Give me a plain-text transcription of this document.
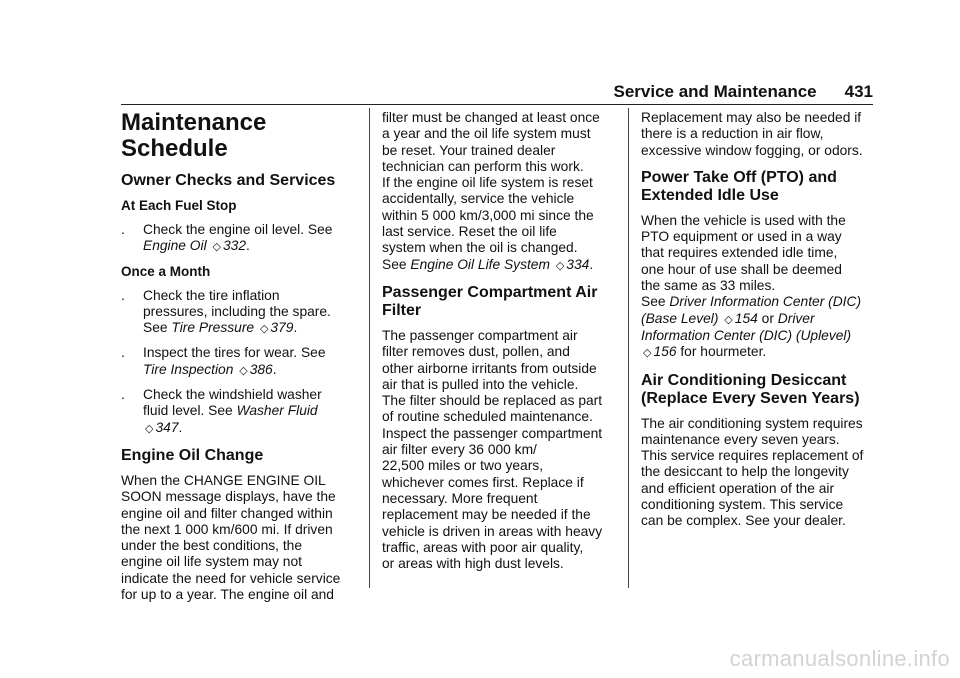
Service and Maintenance 431
Maintenance
Schedule
Owner Checks and Services
At Each Fuel Stop
.	Check the engine oil level. See
Engine Oil ◇ 332.
Once a Month
.	Check the tire inflation
pressures, including the spare.
See Tire Pressure ◇ 379.
.	Inspect the tires for wear. See
Tire Inspection ◇ 386.
.	Check the windshield washer
fluid level. See Washer Fluid
◇ 347.
Engine Oil Change
When the CHANGE ENGINE OIL
SOON message displays, have the
engine oil and filter changed within
the next 1 000 km/600 mi. If driven
under the best conditions, the
engine oil life system may not
indicate the need for vehicle service
for up to a year. The engine oil and
filter must be changed at least once
a year and the oil life system must
be reset. Your trained dealer
technician can perform this work.
If the engine oil life system is reset
accidentally, service the vehicle
within 5 000 km/3,000 mi since the
last service. Reset the oil life
system when the oil is changed.
See Engine Oil Life System ◇ 334.
Passenger Compartment Air
Filter
The passenger compartment air
filter removes dust, pollen, and
other airborne irritants from outside
air that is pulled into the vehicle.
The filter should be replaced as part
of routine scheduled maintenance.
Inspect the passenger compartment
air filter every 36 000 km/
22,500 miles or two years,
whichever comes first. Replace if
necessary. More frequent
replacement may be needed if the
vehicle is driven in areas with heavy
traffic, areas with poor air quality,
or areas with high dust levels.
Replacement may also be needed if
there is a reduction in air flow,
excessive window fogging, or odors.
Power Take Off (PTO) and
Extended Idle Use
When the vehicle is used with the
PTO equipment or used in a way
that requires extended idle time,
one hour of use shall be deemed
the same as 33 miles.
See Driver Information Center (DIC)
(Base Level) ◇ 154 or Driver
Information Center (DIC) (Uplevel)
◇ 156 for hourmeter.
Air Conditioning Desiccant
(Replace Every Seven Years)
The air conditioning system requires
maintenance every seven years.
This service requires replacement of
the desiccant to help the longevity
and efficient operation of the air
conditioning system. This service
can be complex. See your dealer.
carmanualsonline.info
